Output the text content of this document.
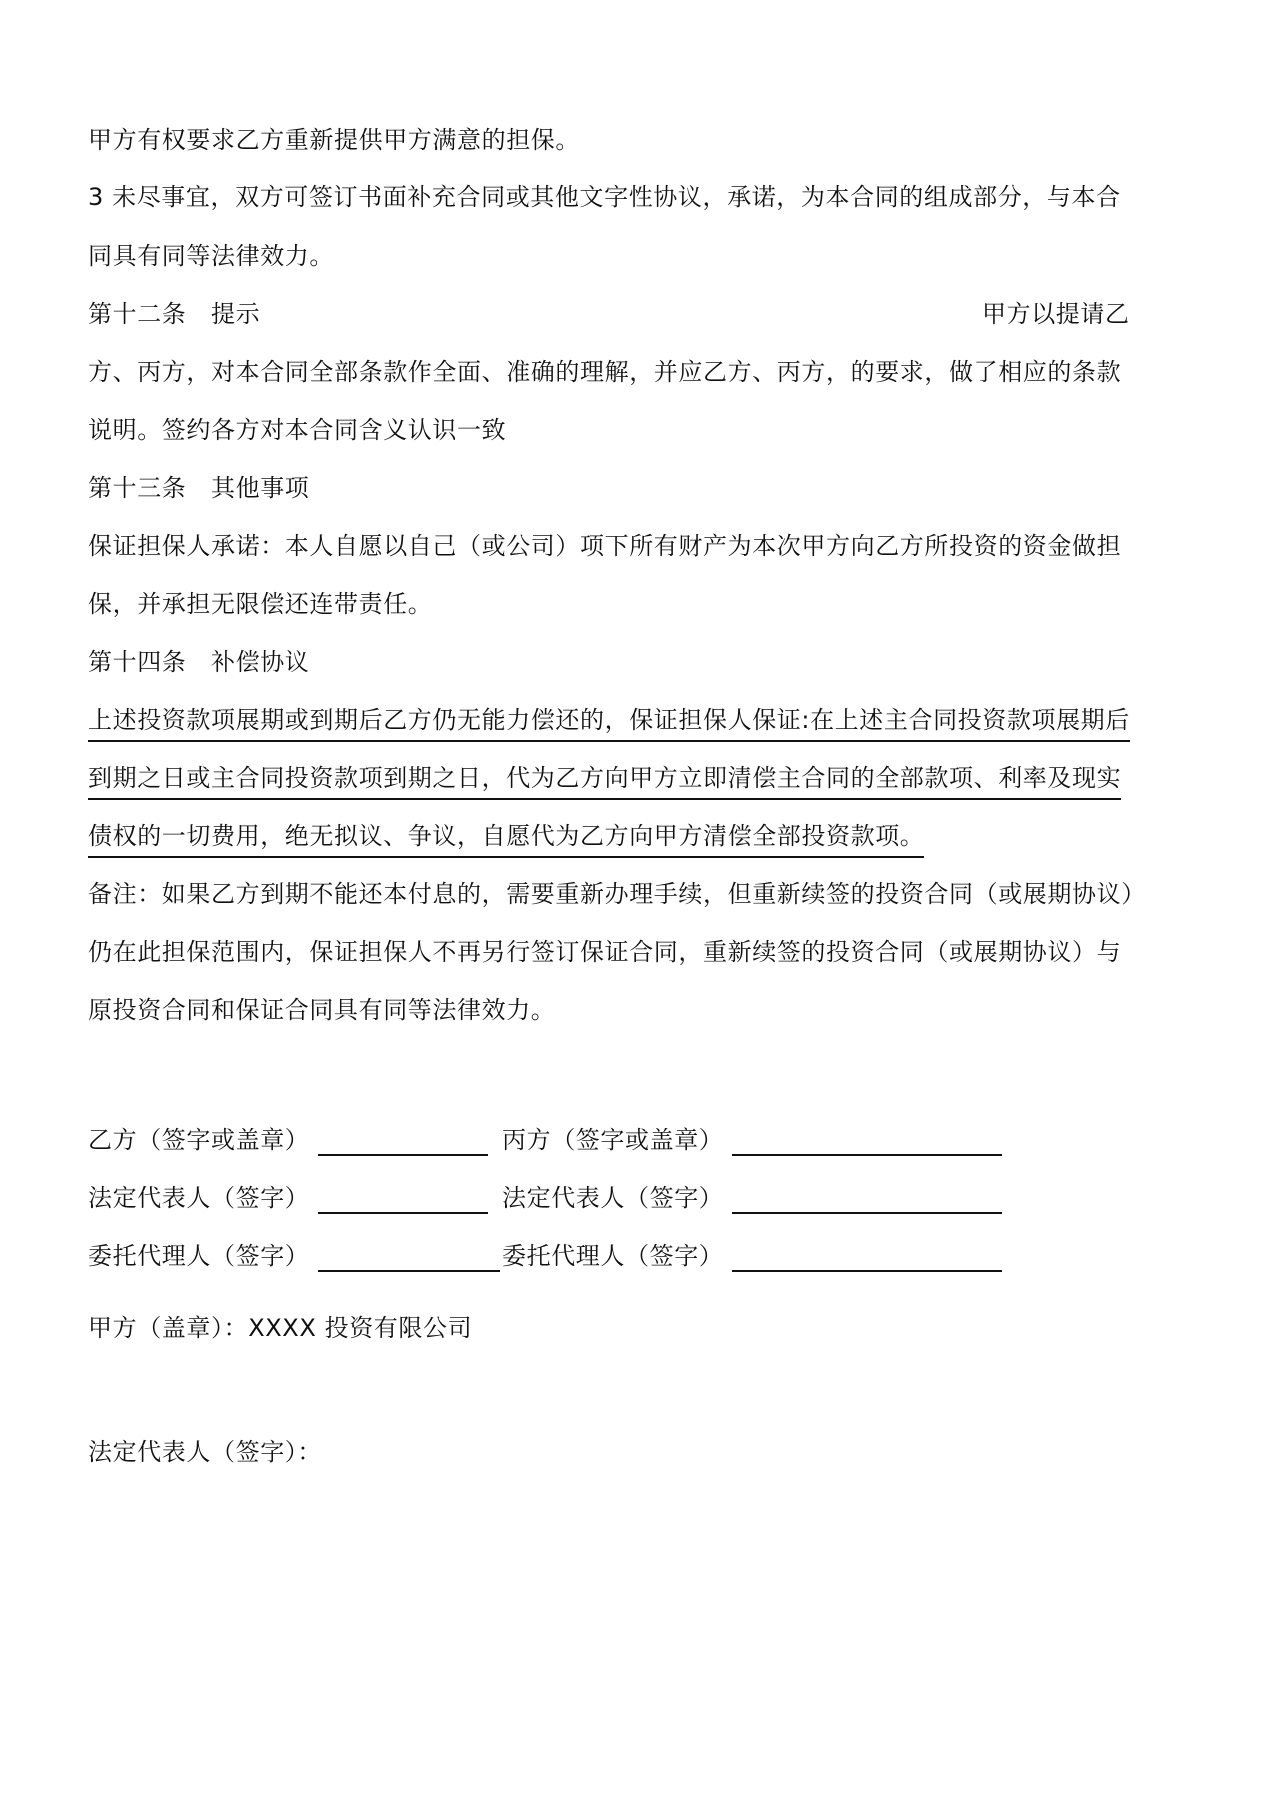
甲方有权要求乙方重新提供甲方满意的担保。
3 未尽事宜，双方可签订书面补充合同或其他文字性协议，承诺，为本合同的组成部分，与本合
同具有同等法律效力。
第十二条　提示	甲方以提请乙
方、丙方，对本合同全部条款作全面、准确的理解，并应乙方、丙方，的要求，做了相应的条款
说明。签约各方对本合同含义认识一致
第十三条　其他事项
保证担保人承诺：本人自愿以自己（或公司）项下所有财产为本次甲方向乙方所投资的资金做担
保，并承担无限偿还连带责任。
第十四条　补偿协议
上述投资款项展期或到期后乙方仍无能力偿还的，保证担保人保证:在上述主合同投资款项展期后
到期之日或主合同投资款项到期之日，代为乙方向甲方立即清偿主合同的全部款项、利率及现实
债权的一切费用，绝无拟议、争议，自愿代为乙方向甲方清偿全部投资款项。
备注：如果乙方到期不能还本付息的，需要重新办理手续，但重新续签的投资合同（或展期协议）
仍在此担保范围内，保证担保人不再另行签订保证合同，重新续签的投资合同（或展期协议）与
原投资合同和保证合同具有同等法律效力。
乙方（签字或盖章）	丙方（签字或盖章）
法定代表人（签字）	法定代表人（签字）
委托代理人（签字）	委托代理人（签字）
甲方（盖章）：XXXX 投资有限公司
法定代表人（签字）：
